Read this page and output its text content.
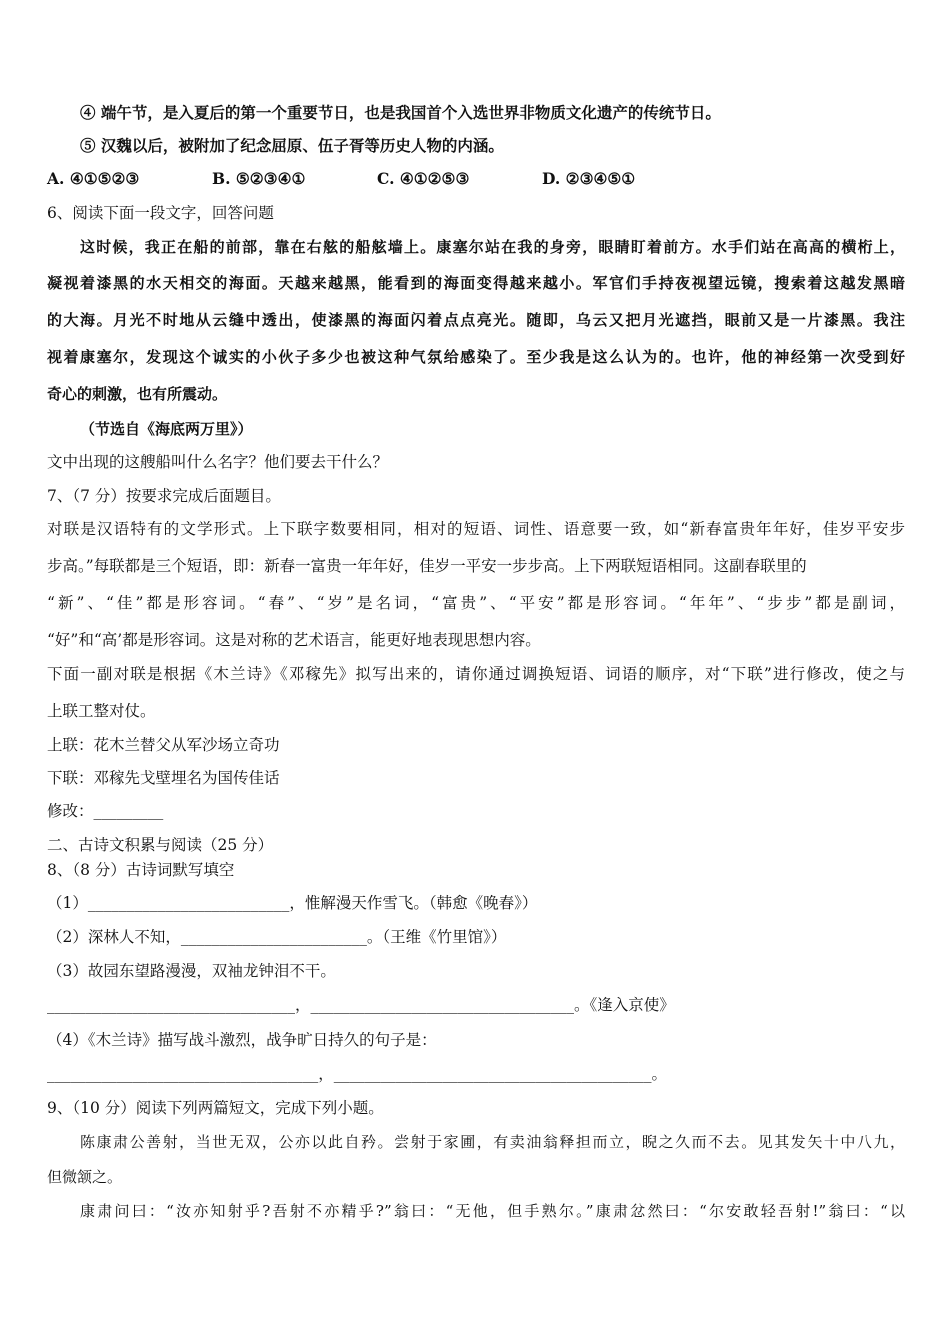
④ 端午节，是入夏后的第一个重要节日，也是我国首个入选世界非物质文化遗产的传统节日。
⑤ 汉魏以后，被附加了纪念屈原、伍子胥等历史人物的内涵。
A. ④①⑤②③	B. ⑤②③④①	C. ④①②⑤③	D. ②③④⑤①
6、阅读下面一段文字，回答问题
这时候，我正在船的前部，靠在右舷的船舷墙上。康塞尔站在我的身旁，眼睛盯着前方。水手们站在高高的横桁上，
凝视着漆黑的水天相交的海面。天越来越黑，能看到的海面变得越来越小。军官们手持夜视望远镜，搜索着这越发黑暗
的大海。月光不时地从云缝中透出，使漆黑的海面闪着点点亮光。随即，乌云又把月光遮挡，眼前又是一片漆黑。我注
视着康塞尔，发现这个诚实的小伙子多少也被这种气氛给感染了。至少我是这么认为的。也许，他的神经第一次受到好
奇心的刺激，也有所震动。
（节选自《海底两万里》）
文中出现的这艘船叫什么名字？他们要去干什么？
7、（7 分）按要求完成后面题目。
对联是汉语特有的文学形式。上下联字数要相同，相对的短语、词性、语意要一致，如“新春富贵年年好，佳岁平安步
步高。”每联都是三个短语，即：新春一富贵一年年好，佳岁一平安一步步高。上下两联短语相同。这副春联里的
“新”、“佳”都是形容词。“春”、“岁”是名词，“富贵”、“平安”都是形容词。“年年”、“步步”都是副词，
“好”和“高’都是形容词。这是对称的艺术语言，能更好地表现思想内容。
下面一副对联是根据《木兰诗》《邓稼先》拟写出来的，请你通过调换短语、词语的顺序，对“下联”进行修改，使之与
上联工整对仗。
上联：花木兰替父从军沙场立奇功
下联：邓稼先戈壁埋名为国传佳话
修改：_________
二、古诗文积累与阅读（25 分）
8、（8 分）古诗词默写填空
（1）__________________________，惟解漫天作雪飞。（韩愈《晚春》）
（2）深林人不知，________________________。（王维《竹里馆》）
（3）故园东望路漫漫，双袖龙钟泪不干。
________________________________，__________________________________。《逢入京使》
（4）《木兰诗》描写战斗激烈，战争旷日持久的句子是：
___________________________________，_________________________________________。
9、（10 分）阅读下列两篇短文，完成下列小题。
陈康肃公善射，当世无双，公亦以此自矜。尝射于家圃，有卖油翁释担而立，睨之久而不去。见其发矢十中八九，
但微颔之。
康肃问曰：“汝亦知射乎?吾射不亦精乎?”翁曰：“无他，但手熟尔。”康肃忿然曰：“尔安敢轻吾射!”翁曰：“以
